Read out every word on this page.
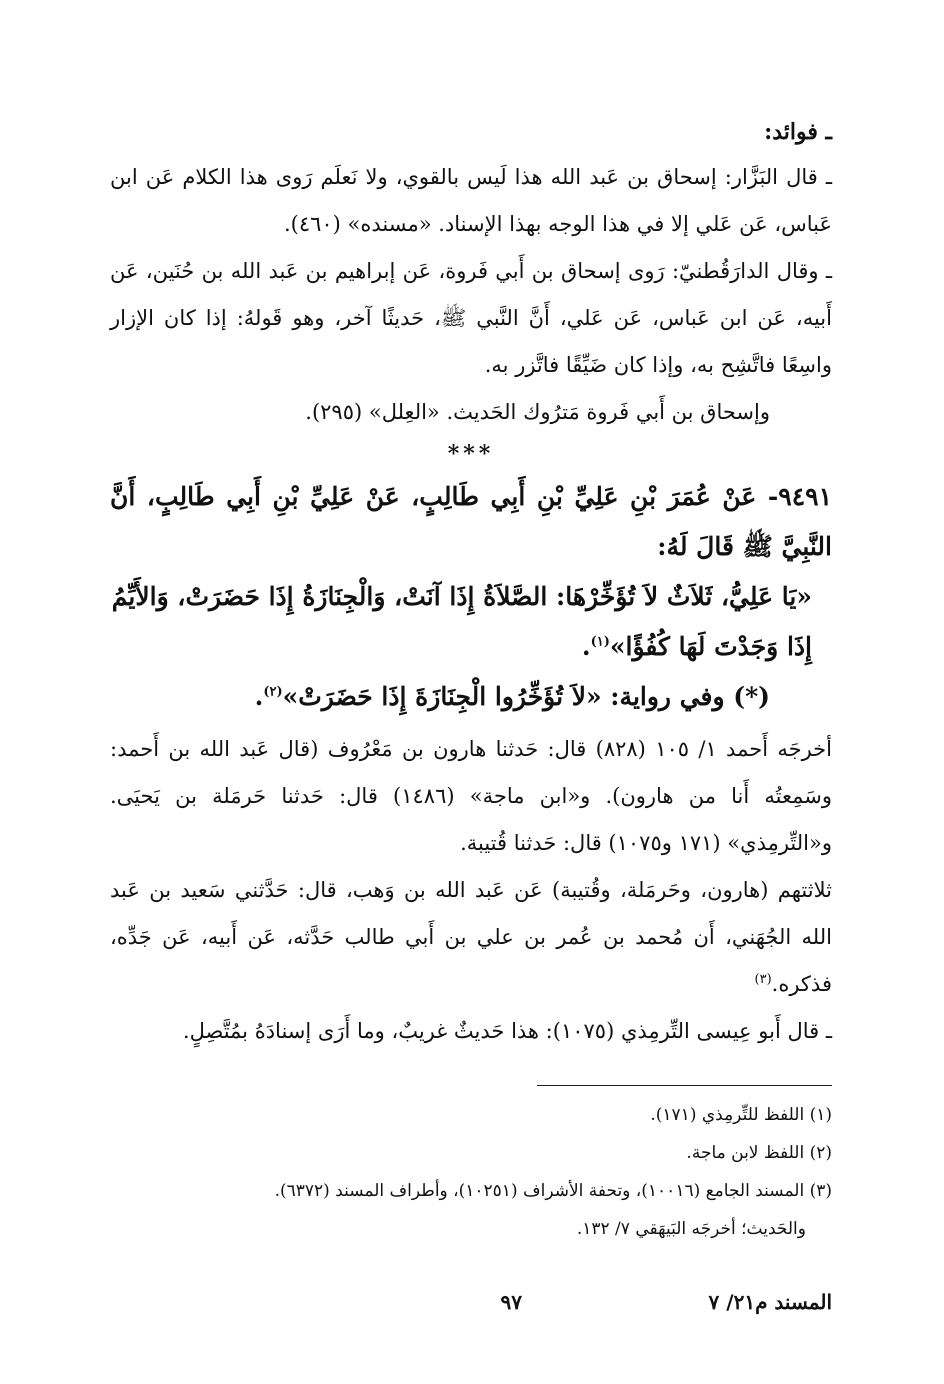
ـ فوائد:

ـ قال البَزَّار: إسحاق بن عَبد الله هذا لَيس بالقوي، ولا نَعلَم رَوى هذا الكلام عَن ابن عَباس، عَن عَلي إلا في هذا الوجه بهذا الإسناد. «مسنده» (٤٦٠).

ـ وقال الدارَقُطنيّ: رَوى إسحاق بن أَبي فَروة، عَن إبراهيم بن عَبد الله بن حُنَين، عَن أَبيه، عَن ابن عَباس، عَن عَلي، أَنَّ النَّبي ﷺ، حَديثًا آخر، وهو قَولهُ: إذا كان الإزار واسِعًا فاتَّشِح به، وإذا كان ضَيِّقًا فاتَّزر به.

وإسحاق بن أَبي فَروة مَترُوك الحَديث. «العِلل» (٢٩٥).

***

٩٤٩١- عَنْ عُمَرَ بْنِ عَلِيِّ بْنِ أَبِي طَالِبٍ، عَنْ عَلِيِّ بْنِ أَبِي طَالِبٍ، أَنَّ النَّبِيَّ ﷺ قَالَ لَهُ:

«يَا عَلِيُّ، ثَلاَثٌ لاَ تُؤَخِّرْهَا: الصَّلاَةُ إِذَا آنَتْ، وَالْجِنَازَةُ إِذَا حَضَرَتْ، وَالأَيِّمُ إِذَا وَجَدْتَ لَهَا كُفُؤًا»$^{(١)}$.

(*) وفي رواية: «لاَ تُؤَخِّرُوا الْجِنَازَةَ إِذَا حَضَرَتْ»$^{(٢)}$.

أخرجَه أَحمد ١/ ١٠٥ (٨٢٨) قال: حَدثنا هارون بن مَعْرُوف (قال عَبد الله بن أَحمد: وسَمِعتُه أَنا من هارون). و«ابن ماجة» (١٤٨٦) قال: حَدثنا حَرمَلة بن يَحيَى. و«التِّرمِذي» (١٧١ و١٠٧٥) قال: حَدثنا قُتيبة.

ثلاثتهم (هارون، وحَرمَلة، وقُتيبة) عَن عَبد الله بن وَهب، قال: حَدَّثني سَعيد بن عَبد الله الجُهَني، أَن مُحمد بن عُمر بن علي بن أَبي طالب حَدَّثه، عَن أَبيه، عَن جَدِّه، فذكره.$^{(٣)}$

ـ قال أَبو عِيسى التِّرمِذي (١٠٧٥): هذا حَديثٌ غريبٌ، وما أَرَى إسنادَهُ بمُتَّصِلٍ.

(١) اللفظ للتِّرمِذي (١٧١).

(٢) اللفظ لابن ماجة.

(٣) المسند الجامع (١٠٠١٦)، وتحفة الأشراف (١٠٢٥١)، وأطراف المسند (٦٣٧٢).

والحَديث؛ أخرجَه البَيهَقي ٧/ ١٣٢.

المسند م٢١/ ٧
٩٧
